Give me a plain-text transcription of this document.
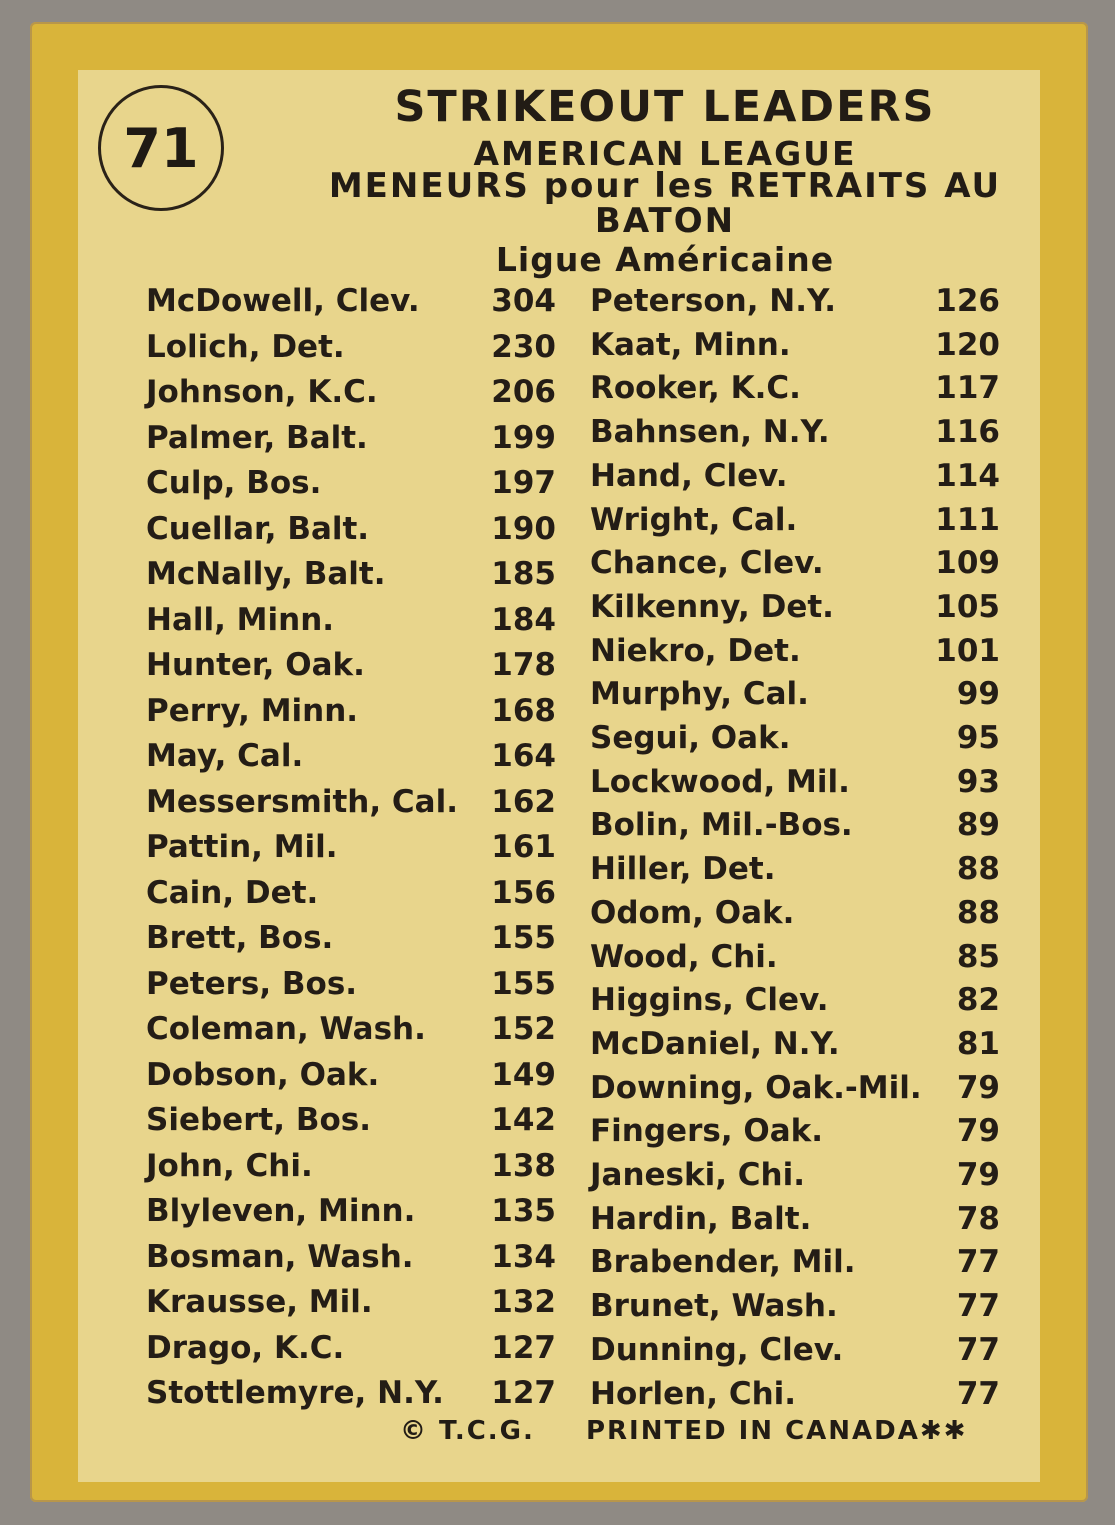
71
STRIKEOUT LEADERS
AMERICAN LEAGUE
MENEURS pour les RETRAITS AU
BATON
Ligue Américaine
McDowell, Clev.	304
Lolich, Det.	230
Johnson, K.C.	206
Palmer, Balt.	199
Culp, Bos.	197
Cuellar, Balt.	190
McNally, Balt.	185
Hall, Minn.	184
Hunter, Oak.	178
Perry, Minn.	168
May, Cal.	164
Messersmith, Cal.	162
Pattin, Mil.	161
Cain, Det.	156
Brett, Bos.	155
Peters, Bos.	155
Coleman, Wash.	152
Dobson, Oak.	149
Siebert, Bos.	142
John, Chi.	138
Blyleven, Minn.	135
Bosman, Wash.	134
Krausse, Mil.	132
Drago, K.C.	127
Stottlemyre, N.Y.	127
Peterson, N.Y.	126
Kaat, Minn.	120
Rooker, K.C.	117
Bahnsen, N.Y.	116
Hand, Clev.	114
Wright, Cal.	111
Chance, Clev.	109
Kilkenny, Det.	105
Niekro, Det.	101
Murphy, Cal.	99
Segui, Oak.	95
Lockwood, Mil.	93
Bolin, Mil.-Bos.	89
Hiller, Det.	88
Odom, Oak.	88
Wood, Chi.	85
Higgins, Clev.	82
McDaniel, N.Y.	81
Downing, Oak.-Mil.	79
Fingers, Oak.	79
Janeski, Chi.	79
Hardin, Balt.	78
Brabender, Mil.	77
Brunet, Wash.	77
Dunning, Clev.	77
Horlen, Chi.	77
© T.C.G. PRINTED IN CANADA✱✱
